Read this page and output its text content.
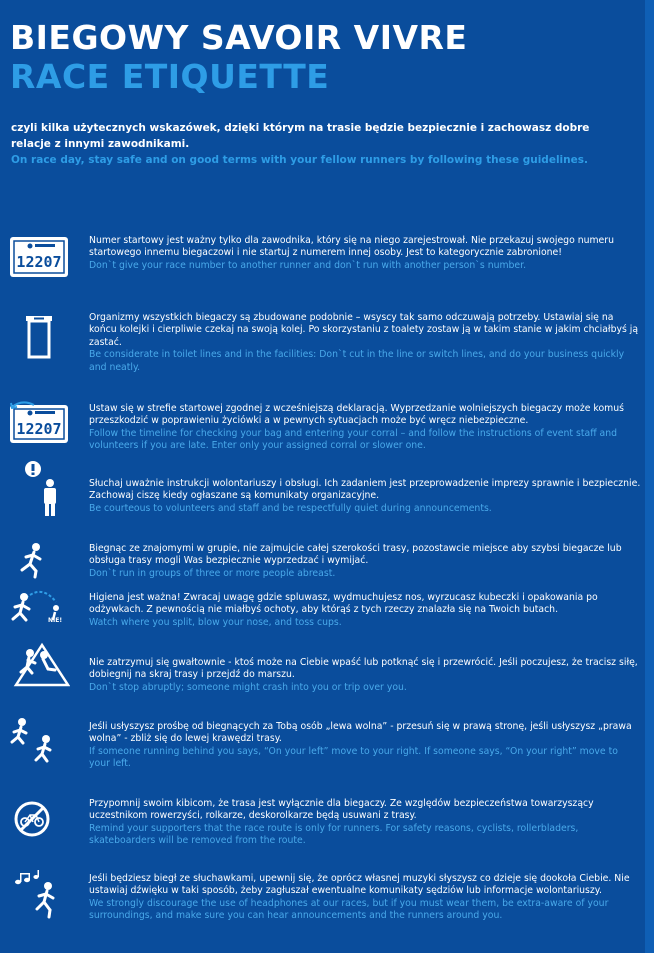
BIEGOWY SAVOIR VIVRE
RACE ETIQUETTE
czyli kilka użytecznych wskazówek, dzięki którym na trasie będzie bezpiecznie i zachowasz dobre relacje z innymi zawodnikami.
On race day, stay safe and on good terms with your fellow runners by following these guidelines.
12207
Numer startowy jest ważny tylko dla zawodnika, który się na niego zarejestrował. Nie przekazuj swojego numeru startowego innemu biegaczowi i nie startuj z numerem innej osoby. Jest to kategorycznie zabronione!
Don`t give your race number to another runner and don`t run with another person`s number.
Organizmy wszystkich biegaczy są zbudowane podobnie – wsyscy tak samo odczuwają potrzeby. Ustawiaj się na końcu kolejki i cierpliwie czekaj na swoją kolej. Po skorzystaniu z toalety zostaw ją w takim stanie w jakim chciałbyś ją zastać.
Be considerate in toilet lines and in the facilities: Don`t cut in the line or switch lines, and do your business quickly and neatly.
12207
Ustaw się w strefie startowej zgodnej z wcześniejszą deklaracją. Wyprzedzanie wolniejszych biegaczy może komuś przeszkodzić w poprawieniu życiówki a w pewnych sytuacjach może być wręcz niebezpieczne.
Follow the timeline for checking your bag and entering your corral – and follow the instructions of event staff and volunteers if you are late. Enter only your assigned corral or slower one.
Słuchaj uważnie instrukcji wolontariuszy i obsługi. Ich zadaniem jest przeprowadzenie imprezy sprawnie i bezpiecznie. Zachowaj ciszę kiedy ogłaszane są komunikaty organizacyjne.
Be courteous to volunteers and staff and be respectfully quiet during announcements.
Biegnąc ze znajomymi w grupie, nie zajmujcie całej szerokości trasy, pozostawcie miejsce aby szybsi biegacze lub obsługa trasy mogli Was bezpiecznie wyprzedzać i wymijać.
Don`t run in groups of three or more people abreast.
NIE!
Higiena jest ważna! Zwracaj uwagę gdzie spluwasz, wydmuchujesz nos, wyrzucasz kubeczki i opakowania po odżywkach. Z pewnością nie miałbyś ochoty, aby którąś z tych rzeczy znalazła się na Twoich butach.
Watch where you split, blow your nose, and toss cups.
Nie zatrzymuj się gwałtownie - ktoś może na Ciebie wpaść lub potknąć się i przewrócić. Jeśli poczujesz, że tracisz siłę, dobiegnij na skraj trasy i przejdź do marszu.
Don`t stop abruptly; someone might crash into you or trip over you.
Jeśli usłyszysz prośbę od biegnących za Tobą osób „lewa wolna” - przesuń się w prawą stronę, jeśli usłyszysz „prawa wolna” - zbliż się do lewej krawędzi trasy.
If someone running behind you says, “On your left” move to your right. If someone says, “On your right” move to your left.
Przypomnij swoim kibicom, że trasa jest wyłącznie dla biegaczy. Ze względów bezpieczeństwa towarzyszący uczestnikom rowerzyści, rolkarze, deskorolkarze będą usuwani z trasy.
Remind your supporters that the race route is only for runners. For safety reasons, cyclists, rollerbladers, skateboarders will be removed from the route.
Jeśli będziesz biegł ze słuchawkami, upewnij się, że oprócz własnej muzyki słyszysz co dzieje się dookoła Ciebie. Nie ustawiaj dźwięku w taki sposób, żeby zagłuszał ewentualne komunikaty sędziów lub informacje wolontariuszy.
We strongly discourage the use of headphones at our races, but if you must wear them, be extra-aware of your surroundings, and make sure you can hear announcements and the runners around you.
